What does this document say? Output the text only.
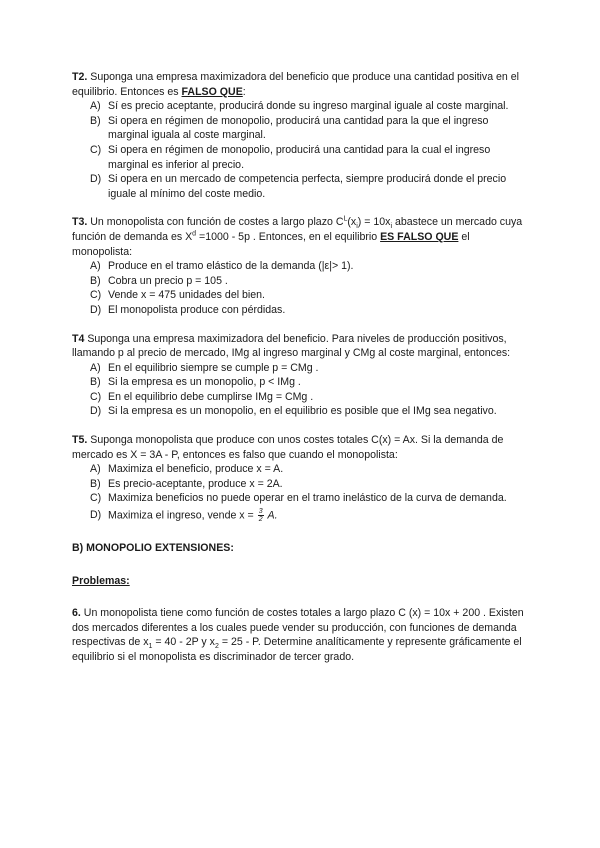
T2. Suponga una empresa maximizadora del beneficio que produce una cantidad positiva en el equilibrio. Entonces es FALSO QUE:

A) Sí es precio aceptante, producirá donde su ingreso marginal iguale al coste marginal.
B) Si opera en régimen de monopolio, producirá una cantidad para la que el ingreso marginal iguala al coste marginal.
C) Si opera en régimen de monopolio, producirá una cantidad para la cual el ingreso marginal es inferior al precio.
D) Si opera en un mercado de competencia perfecta, siempre producirá donde el precio iguale al mínimo del coste medio.

T3. Un monopolista con función de costes a largo plazo $C^L(x_i) = 10x_i$ abastece un mercado cuya función de demanda es $X^d =1000 - 5p$ . Entonces, en el equilibrio ES FALSO QUE el monopolista:

A) Produce en el tramo elástico de la demanda (|ε|> 1).
B) Cobra un precio p = 105 .
C) Vende x = 475 unidades del bien.
D) El monopolista produce con pérdidas.

T4 Suponga una empresa maximizadora del beneficio. Para niveles de producción positivos, llamando p al precio de mercado, IMg al ingreso marginal y CMg al coste marginal, entonces:

A) En el equilibrio siempre se cumple p = CMg .
B) Si la empresa es un monopolio, p < IMg .
C) En el equilibrio debe cumplirse IMg = CMg .
D) Si la empresa es un monopolio, en el equilibrio es posible que el IMg sea negativo.

T5. Suponga monopolista que produce con unos costes totales C(x) = Ax. Si la demanda de mercado es X = 3A - P, entonces es falso que cuando el monopolista:

A) Maximiza el beneficio, produce x = A.
B) Es precio-aceptante, produce x = 2A.
C) Maximiza beneficios no puede operar en el tramo inelástico de la curva de demanda.
D) Maximiza el ingreso, vende $x = \frac{3}{2} A$.

B) MONOPOLIO EXTENSIONES:

Problemas:

6. Un monopolista tiene como función de costes totales a largo plazo C (x) = 10x + 200 . Existen dos mercados diferentes a los cuales puede vender su producción, con funciones de demanda respectivas de $x_1 = 40 - 2P$ y $x_2 = 25 - P$. Determine analíticamente y represente gráficamente el equilibrio si el monopolista es discriminador de tercer grado.
